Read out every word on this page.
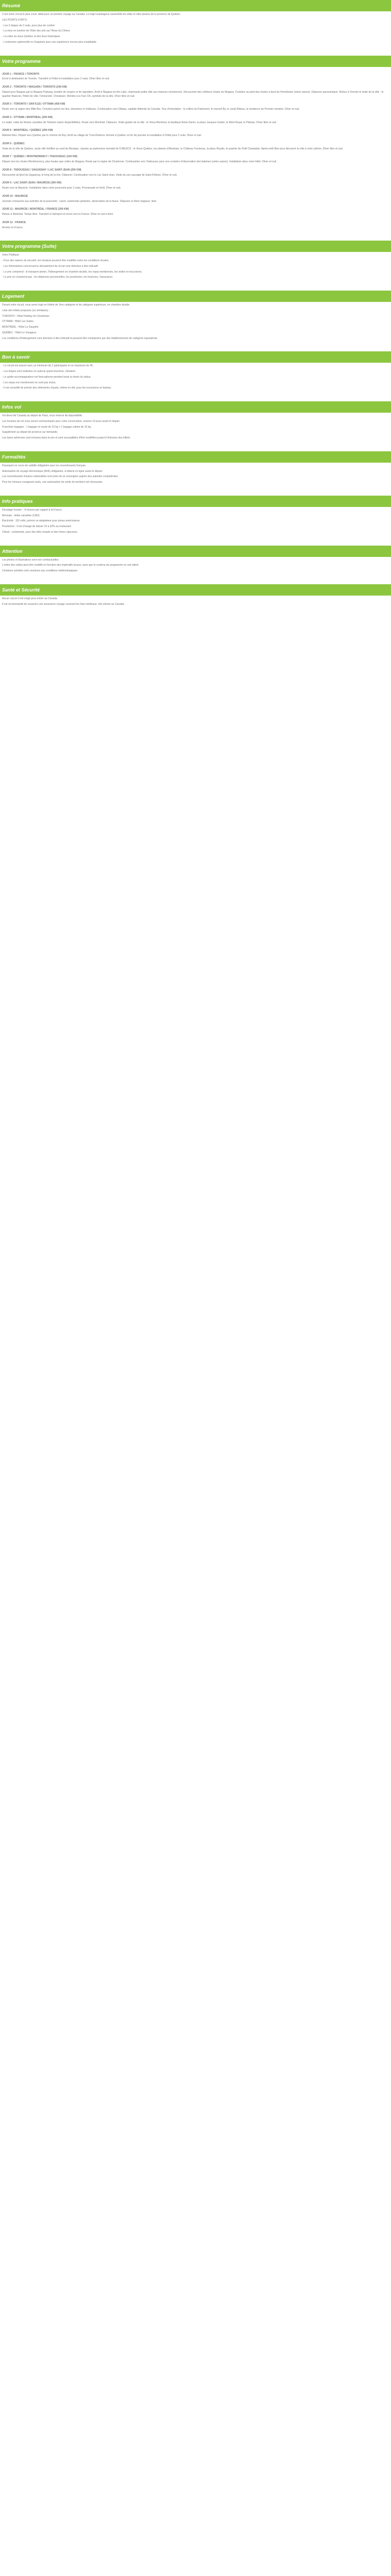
Résumé

C'est notre circuit le plus court, idéal pour un premier voyage au Canada. Le trajet avantageux rassemble les villes et sites phares de la province de Québec.

LES POINTS FORTS :

- Les 2 étapes de 2 nuits, pour plus de confort

- La mise en lumière de l'hôte des arts sur l'Anse du Chiens

- La visite du vieux Québec et des lieux historiques

- L'extension optionnelle en Gaspésie pour une expérience encore plus inoubliable

Votre programme
JOUR 1 : FRANCE / TORONTO

Envol à destination de Toronto. Transfert à l'hôtel et installation pour 2 nuits. Dîner libre et nuit.

JOUR 2 : TORONTO / NIAGARA / TORONTO (240 KM)

Départ pour Niagara par la Niagara Parkway, bordée de vergers et de vignobles. Arrêt à Niagara-on-the-Lake, charmante petite ville aux maisons victoriennes. Découverte des célèbres chutes du Niagara. Croisière au pied des chutes à bord du Hornblower (selon saison). Déjeuner panoramique. Retour à Toronto et visite de la ville : le quartier financier, l'hôtel de ville, l'Université, Chinatown. Montée à la Tour CN, symbole de la ville. Dîner libre et nuit.

JOUR 3 : TORONTO / 1000 ÎLES / OTTAWA (450 KM)

Route vers la région des Mille-Îles. Croisière parmi ces îles, domaines et châteaux. Continuation vers Ottawa, capitale fédérale du Canada. Tour d'orientation : la colline du Parlement, le marché By, le canal Rideau, la résidence du Premier ministre. Dîner et nuit.

JOUR 4 : OTTAWA / MONTRÉAL (200 KM)

Le matin, visite du Musée canadien de l'histoire (selon disponibilités). Route vers Montréal. Déjeuner. Visite guidée de la ville : le Vieux-Montréal, la basilique Notre-Dame, la place Jacques-Cartier, le Mont-Royal, le Plateau. Dîner libre et nuit.

JOUR 5 : MONTRÉAL / QUÉBEC (250 KM)

Matinée libre. Départ vers Québec par le chemin du Roy. Arrêt au village de Trois-Rivières. Arrivée à Québec en fin de journée et installation à l'hôtel pour 2 nuits. Dîner et nuit.

JOUR 6 : QUÉBEC

Visite de la ville de Québec, seule ville fortifiée au nord du Mexique, classée au patrimoine mondial de l'UNESCO : le Vieux-Québec, les plaines d'Abraham, le Château Frontenac, la place Royale, le quartier du Petit Champlain. Après-midi libre pour découvrir la ville à votre rythme. Dîner libre et nuit.

JOUR 7 : QUÉBEC / MONTMORENCY / TADOUSSAC (230 KM)

Départ vers les chutes Montmorency, plus hautes que celles du Niagara. Route par la région de Charlevoix. Continuation vers Tadoussac pour une croisière d'observation des baleines (selon saison). Installation dans votre hôtel. Dîner et nuit.

JOUR 8 : TADOUSSAC / SAGUENAY / LAC SAINT-JEAN (250 KM)

Découverte du fjord du Saguenay, le long de la rive. Déjeuner. Continuation vers le Lac Saint-Jean. Visite du zoo sauvage de Saint-Félicien. Dîner et nuit.

JOUR 9 : LAC SAINT-JEAN / MAURICIE (300 KM)

Route vers la Mauricie. Installation dans votre pourvoirie pour 2 nuits. Promenade en forêt. Dîner et nuit.

JOUR 10 : MAURICIE

Journée consacrée aux activités de la pourvoirie : canot, randonnée pédestre, observation de la faune. Déjeuner et dîner trappeur. Nuit.

JOUR 11 : MAURICIE / MONTRÉAL / FRANCE (200 KM)

Retour à Montréal. Temps libre. Transfert à l'aéroport et envol vers la France. Dîner et nuit à bord.

JOUR 12 : FRANCE

Arrivée en France.

Votre programme (Suite)

Votre Publique :

- Pour des raisons de sécurité, les horaires peuvent être modifiés selon les conditions locales.

- Les informations concernant le déroulement du circuit sont données à titre indicatif.

- Le prix comprend : le transport aérien, l'hébergement en chambre double, les repas mentionnés, les visites et excursions.

- Le prix ne comprend pas : les dépenses personnelles, les pourboires, les boissons, l'assurance.

Logement

Durant votre circuit, vous serez logé en hôtels de 1ère catégorie et de catégorie supérieure, en chambre double.

Liste des hôtels proposés (ou similaires) :

TORONTO : Hôtel Holiday Inn Downtown

OTTAWA : Hôtel Les Suites

MONTRÉAL : Hôtel Le Dauphin

QUÉBEC : Hôtel Le Voyageur

Les conditions d'hébergement sont données à titre indicatif et peuvent être remplacées par des établissements de catégorie équivalente.

Bon à savoir

- Le circuit est assuré avec un minimum de 2 participants et un maximum de 40.

- Les étapes sont réalisées en autocar grand tourisme, climatisé.

- Le guide-accompagnateur est francophone pendant toute la durée du séjour.

- Les repas non mentionnés ne sont pas inclus.

- Il est conseillé de prévoir des vêtements chauds, même en été, pour les excursions en bateau.

Infos vol

Vol direct Air Canada au départ de Paris, sous réserve de disponibilité.

Les horaires de vol vous seront communiqués avec votre convocation, environ 10 jours avant le départ.

Franchise bagages : 1 bagage en soute de 23 kg + 1 bagage cabine de 10 kg.

Supplément au départ de province sur demande.

Les taxes aériennes sont incluses dans le prix et sont susceptibles d'être modifiées jusqu'à l'émission des billets.

Formalités

Passeport en cours de validité obligatoire pour les ressortissants français.

Autorisation de voyage électronique (AVE) obligatoire, à obtenir en ligne avant le départ.

Les ressortissants d'autres nationalités sont priés de se renseigner auprès des autorités compétentes.

Pour les mineurs voyageant seuls, une autorisation de sortie du territoire est nécessaire.

Info pratiques

Décalage horaire : -6 heures par rapport à la France.

Monnaie : dollar canadien (CAD).

Électricité : 110 volts, prévoir un adaptateur pour prises américaines.

Pourboires : il est d'usage de laisser 15 à 20% au restaurant.

Climat : continental, avec des étés chauds et des hivers rigoureux.

Attention

Les photos et illustrations sont non contractuelles.

L'ordre des visites peut être modifié en fonction des impératifs locaux, sans que le contenu du programme en soit altéré.

Certaines activités sont soumises aux conditions météorologiques.

Santé et Sécurité

Aucun vaccin n'est exigé pour entrer au Canada.

Il est recommandé de souscrire une assurance voyage couvrant les frais médicaux, très élevés au Canada.
